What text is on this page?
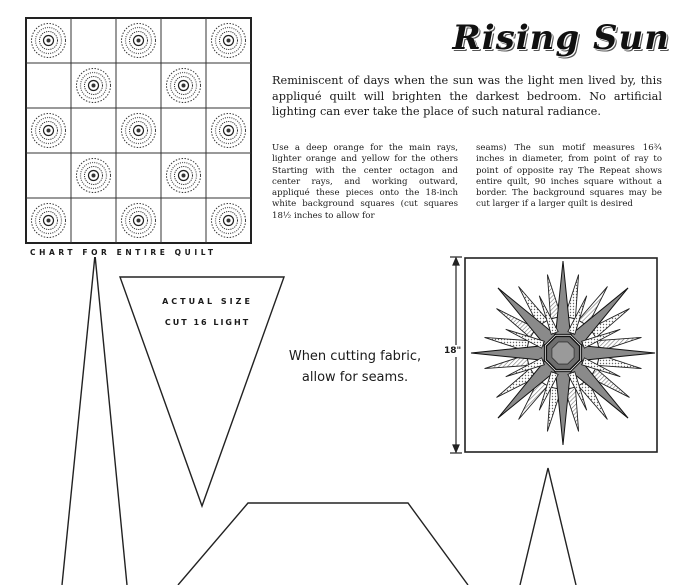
Rising Sun
Reminiscent of days when the sun was the light men lived by, this appliqué quilt will brighten the darkest bedroom. No artificial lighting can ever take the place of such natural radiance.
Use a deep orange for the main rays, lighter orange and yellow for the others Starting with the center octagon and center rays, and working outward, appliqué these pieces onto the 18-inch white background squares (cut squares 18½ inches to allow for
seams) The sun motif measures 16¾ inches in diameter, from point of ray to point of opposite ray The Repeat shows entire quilt, 90 inches square without a border. The background squares may be cut larger if a larger quilt is desired
CHART FOR ENTIRE QUILT
ACTUAL SIZE
CUT 16 LIGHT
When cutting fabric, allow for seams.
18"
